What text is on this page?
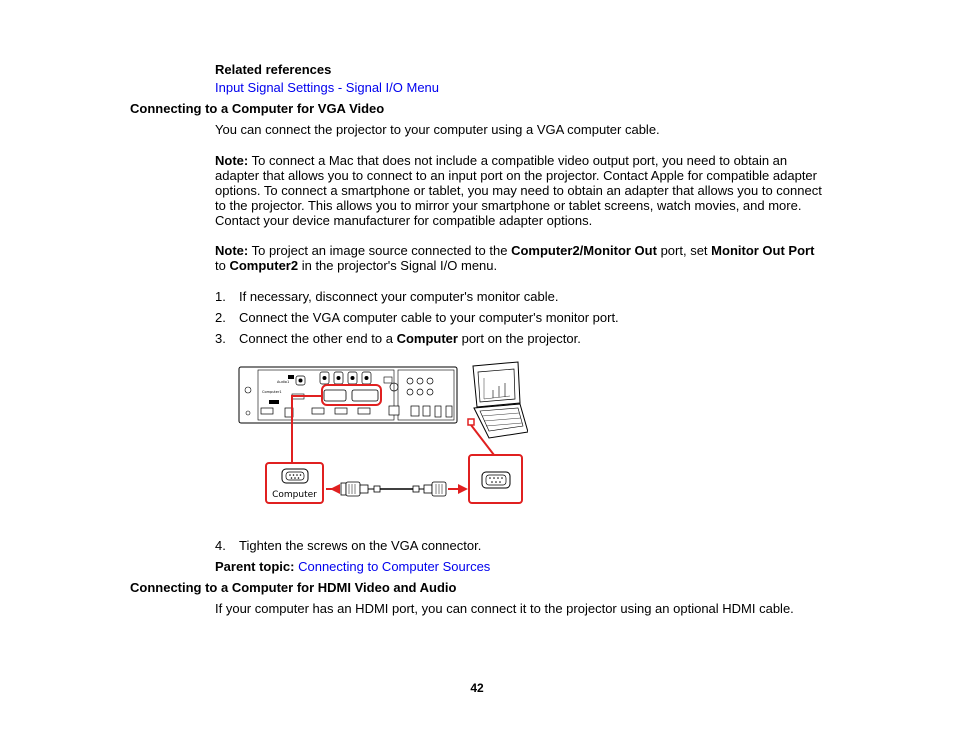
Related references
Input Signal Settings - Signal I/O Menu
Connecting to a Computer for VGA Video
You can connect the projector to your computer using a VGA computer cable.
Note: To connect a Mac that does not include a compatible video output port, you need to obtain an adapter that allows you to connect to an input port on the projector. Contact Apple for compatible adapter options. To connect a smartphone or tablet, you may need to obtain an adapter that allows you to connect to the projector. This allows you to mirror your smartphone or tablet screens, watch movies, and more. Contact your device manufacturer for compatible adapter options.
Note: To project an image source connected to the Computer2/Monitor Out port, set Monitor Out Port to Computer2 in the projector's Signal I/O menu.
1. If necessary, disconnect your computer's monitor cable.
2. Connect the VGA computer cable to your computer's monitor port.
3. Connect the other end to a Computer port on the projector.
Audio1
Computer1
Computer
4. Tighten the screws on the VGA connector.
Parent topic: Connecting to Computer Sources
Connecting to a Computer for HDMI Video and Audio
If your computer has an HDMI port, you can connect it to the projector using an optional HDMI cable.
42
